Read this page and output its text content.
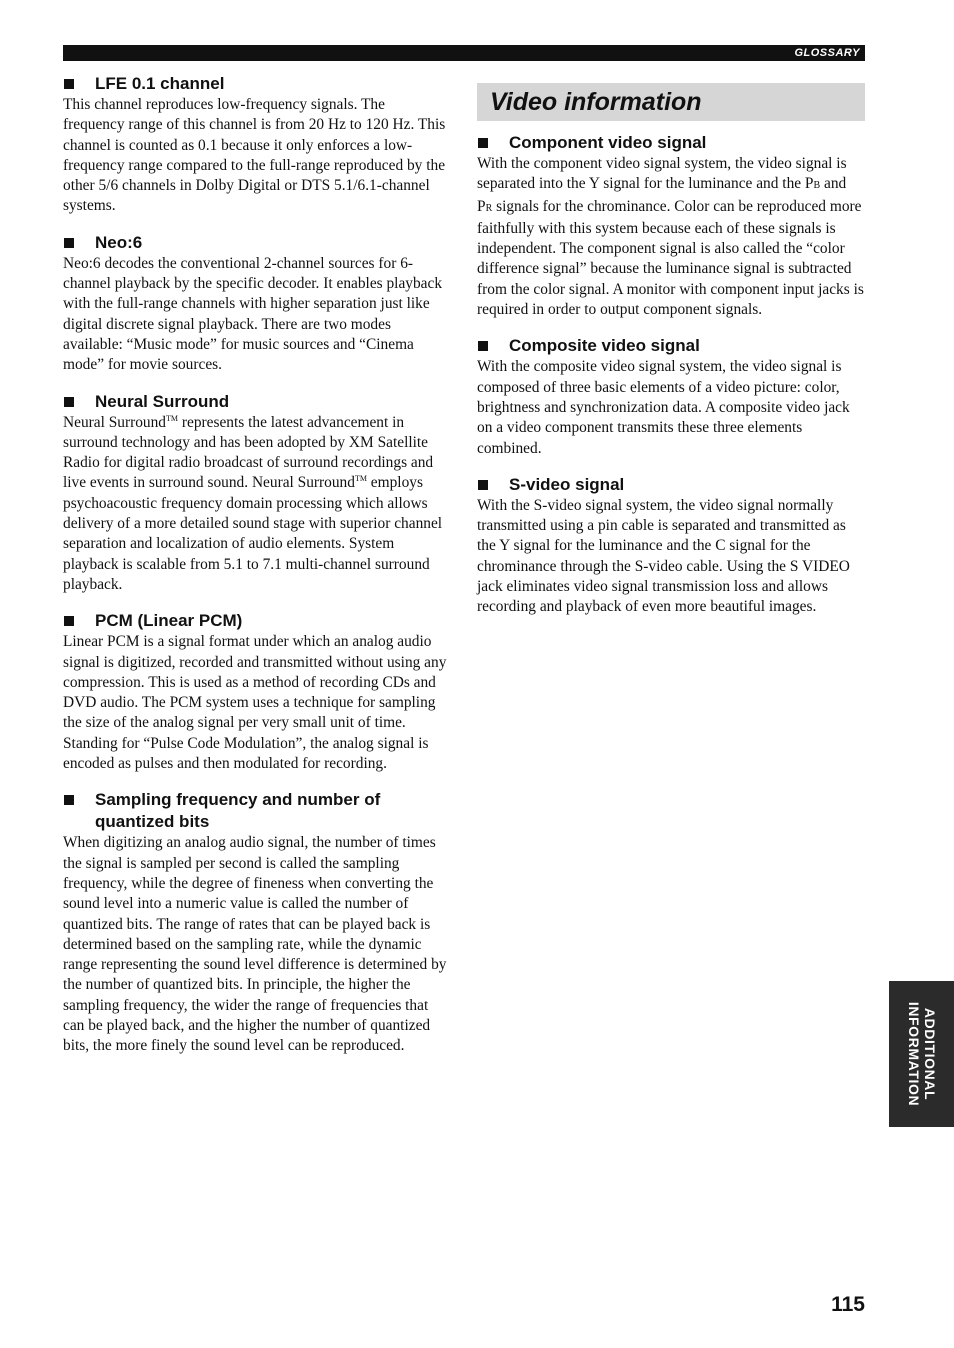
GLOSSARY
LFE 0.1 channel

This channel reproduces low-frequency signals. The frequency range of this channel is from 20 Hz to 120 Hz. This channel is counted as 0.1 because it only enforces a low-frequency range compared to the full-range reproduced by the other 5/6 channels in Dolby Digital or DTS 5.1/6.1-channel systems.

Neo:6

Neo:6 decodes the conventional 2-channel sources for 6-channel playback by the specific decoder. It enables playback with the full-range channels with higher separation just like digital discrete signal playback. There are two modes available: “Music mode” for music sources and “Cinema mode” for movie sources.

Neural Surround

Neural Surround™ represents the latest advancement in surround technology and has been adopted by XM Satellite Radio for digital radio broadcast of surround recordings and live events in surround sound. Neural Surround™ employs psychoacoustic frequency domain processing which allows delivery of a more detailed sound stage with superior channel separation and localization of audio elements. System playback is scalable from 5.1 to 7.1 multi-channel surround playback.

PCM (Linear PCM)

Linear PCM is a signal format under which an analog audio signal is digitized, recorded and transmitted without using any compression. This is used as a method of recording CDs and DVD audio. The PCM system uses a technique for sampling the size of the analog signal per very small unit of time. Standing for “Pulse Code Modulation”, the analog signal is encoded as pulses and then modulated for recording.

Sampling frequency and number of
quantized bits

When digitizing an analog audio signal, the number of times the signal is sampled per second is called the sampling frequency, while the degree of fineness when converting the sound level into a numeric value is called the number of quantized bits. The range of rates that can be played back is determined based on the sampling rate, while the dynamic range representing the sound level difference is determined by the number of quantized bits. In principle, the higher the sampling frequency, the wider the range of frequencies that can be played back, and the higher the number of quantized bits, the more finely the sound level can be reproduced.

Video information
Component video signal

With the component video signal system, the video signal is separated into the Y signal for the luminance and the PB and PR signals for the chrominance. Color can be reproduced more faithfully with this system because each of these signals is independent. The component signal is also called the “color difference signal” because the luminance signal is subtracted from the color signal. A monitor with component input jacks is required in order to output component signals.

Composite video signal

With the composite video signal system, the video signal is composed of three basic elements of a video picture: color, brightness and synchronization data. A composite video jack on a video component transmits these three elements combined.

S-video signal

With the S-video signal system, the video signal normally transmitted using a pin cable is separated and transmitted as the Y signal for the luminance and the C signal for the chrominance through the S-video cable. Using the S VIDEO jack eliminates video signal transmission loss and allows recording and playback of even more beautiful images.

ADDITIONAL
INFORMATION
115
